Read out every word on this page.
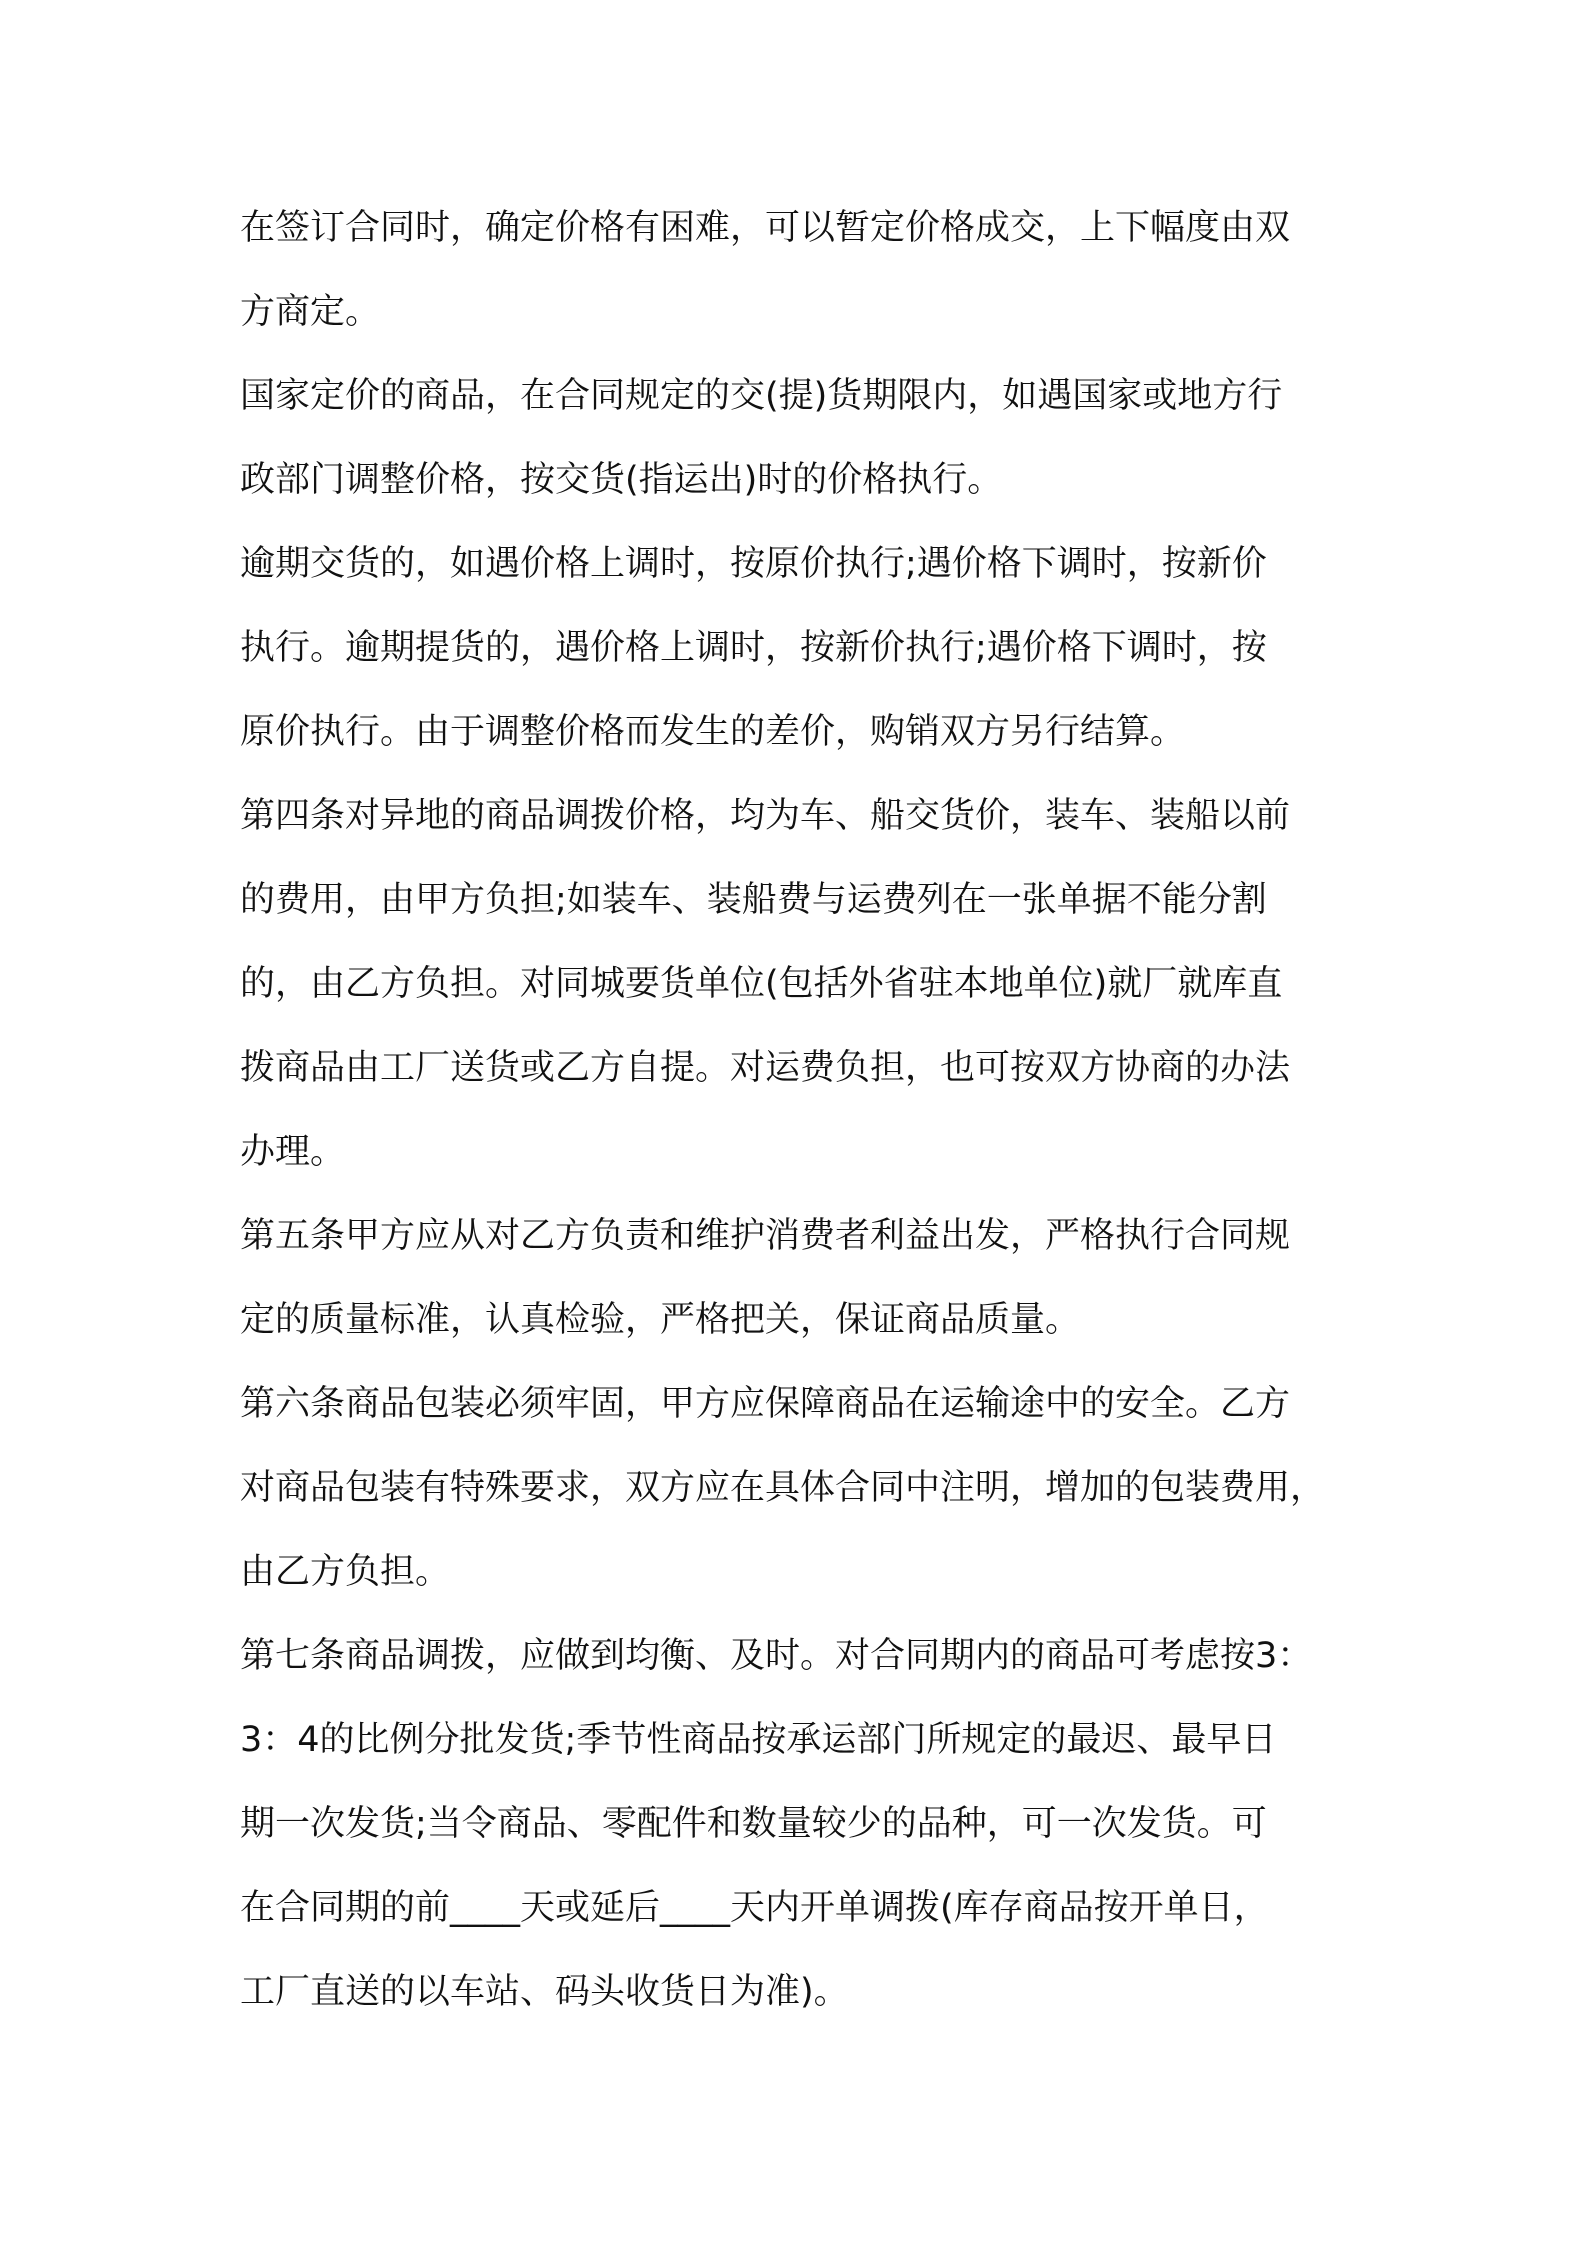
在签订合同时，确定价格有困难，可以暂定价格成交，上下幅度由双
方商定。
国家定价的商品，在合同规定的交(提)货期限内，如遇国家或地方行
政部门调整价格，按交货(指运出)时的价格执行。
逾期交货的，如遇价格上调时，按原价执行;遇价格下调时，按新价
执行。逾期提货的，遇价格上调时，按新价执行;遇价格下调时，按
原价执行。由于调整价格而发生的差价，购销双方另行结算。
第四条对异地的商品调拨价格，均为车、船交货价，装车、装船以前
的费用，由甲方负担;如装车、装船费与运费列在一张单据不能分割
的，由乙方负担。对同城要货单位(包括外省驻本地单位)就厂就库直
拨商品由工厂送货或乙方自提。对运费负担，也可按双方协商的办法
办理。
第五条甲方应从对乙方负责和维护消费者利益出发，严格执行合同规
定的质量标准，认真检验，严格把关，保证商品质量。
第六条商品包装必须牢固，甲方应保障商品在运输途中的安全。乙方
对商品包装有特殊要求，双方应在具体合同中注明，增加的包装费用，
由乙方负担。
第七条商品调拨，应做到均衡、及时。对合同期内的商品可考虑按3：
3：4的比例分批发货;季节性商品按承运部门所规定的最迟、最早日
期一次发货;当令商品、零配件和数量较少的品种，可一次发货。可
在合同期的前____天或延后____天内开单调拨(库存商品按开单日，
工厂直送的以车站、码头收货日为准)。
